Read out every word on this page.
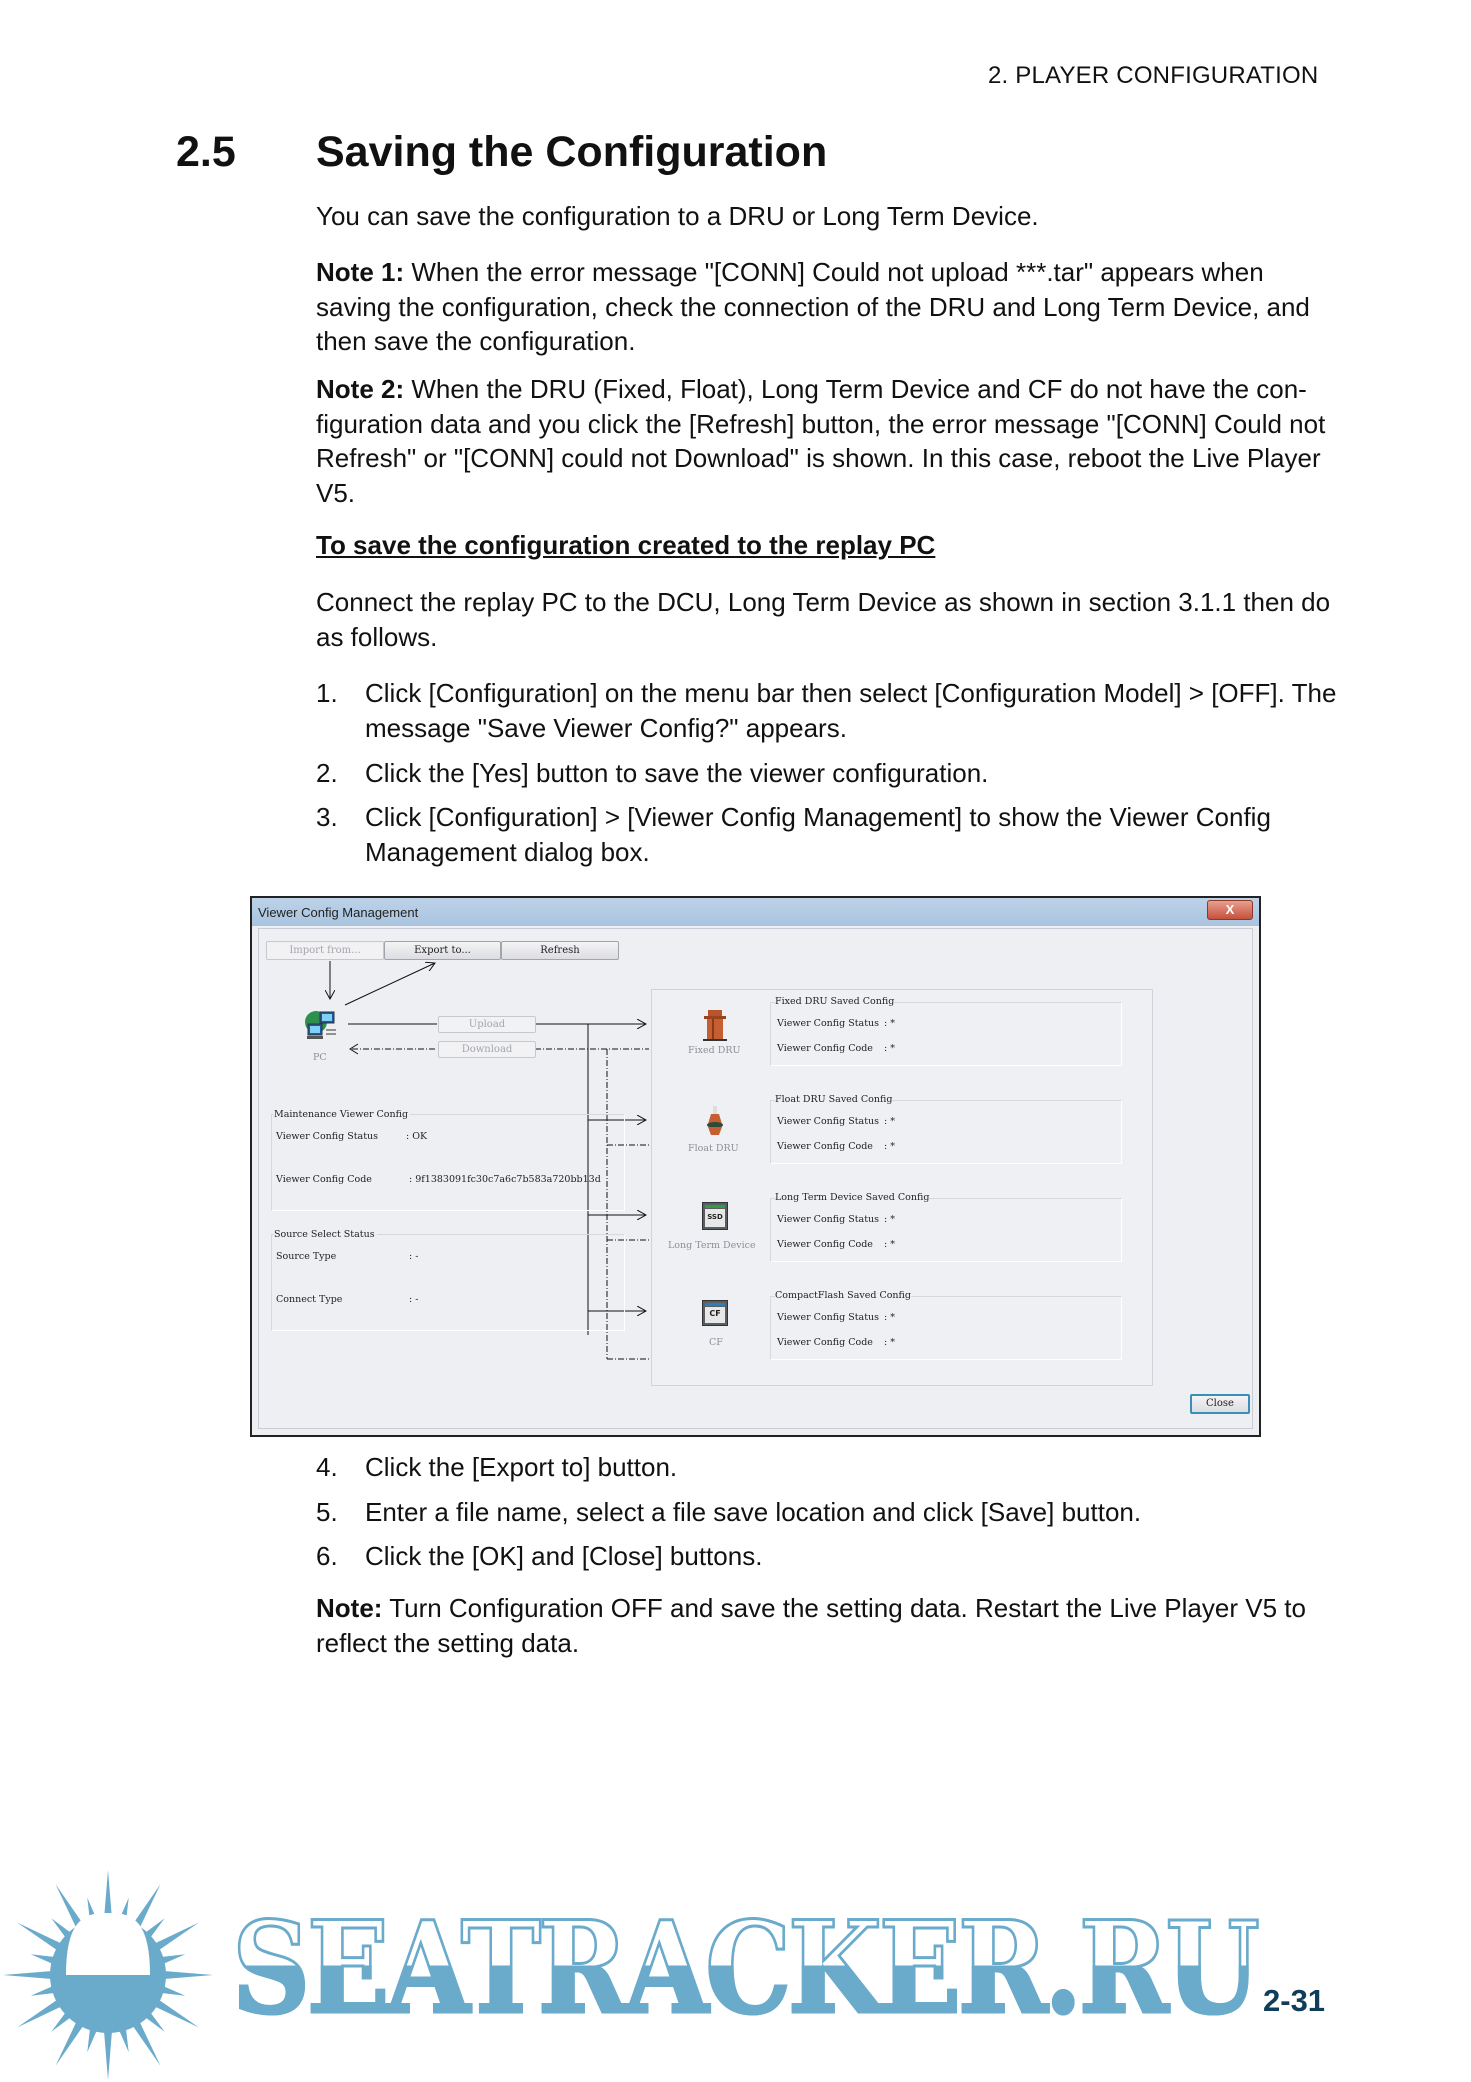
2. PLAYER CONFIGURATION
2.5 Saving the Configuration
You can save the configuration to a DRU or Long Term Device.
Note 1: When the error message "[CONN] Could not upload ***.tar" appears when saving the configuration, check the connection of the DRU and Long Term Device, and then save the configuration.
Note 2: When the DRU (Fixed, Float), Long Term Device and CF do not have the con-figuration data and you click the [Refresh] button, the error message "[CONN] Could not Refresh" or "[CONN] could not Download" is shown. In this case, reboot the Live Player V5.
To save the configuration created to the replay PC
Connect the replay PC to the DCU, Long Term Device as shown in section 3.1.1 then do as follows.
1. Click [Configuration] on the menu bar then select [Configuration Model] > [OFF]. The message "Save Viewer Config?" appears.
2. Click the [Yes] button to save the viewer configuration.
3. Click [Configuration] > [Viewer Config Management] to show the Viewer Config Management dialog box.
Viewer Config Management	X
Import from...	Export to...	Refresh
PC
Upload
Download
Maintenance Viewer Config
Viewer Config Status	: OK
Viewer Config Code	: 9f1383091fc30c7a6c7b583a720bb13d
Source Select Status
Source Type	: -
Connect Type	: -
Fixed DRU
Fixed DRU Saved Config
Viewer Config Status : *
Viewer Config Code : *
Float DRU
Float DRU Saved Config
Viewer Config Status : *
Viewer Config Code : *
SSD
Long Term Device
Long Term Device Saved Config
Viewer Config Status : *
Viewer Config Code : *
CF
CF
CompactFlash Saved Config
Viewer Config Status : *
Viewer Config Code : *
Close
4. Click the [Export to] button.
5. Enter a file name, select a file save location and click [Save] button.
6. Click the [OK] and [Close] buttons.
Note: Turn Configuration OFF and save the setting data. Restart the Live Player V5 to reflect the setting data.
SEATRACKER.RU 2-31
